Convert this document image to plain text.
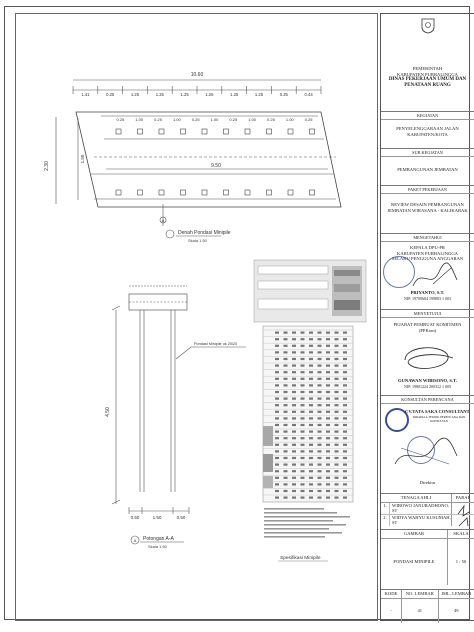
10.60
1.41	0.25	1.25	1.25	1.25	1.25	1.25	1.25	0.25	0.44
0.25	1.00	0.25	1.00	0.25	1.00	0.25	1.00	0.25	1.00	0.25
9.50
2.30
1.50
A
Denah Pondasi Minipile
Skala 1:50
Pondasi Minipile uk 20/20
4.50
0.50	1.50	0.50
A Potongan A-A
Skala 1:50
Spesifikasi Minipile
PEMERINTAH
KABUPATEN PURBALINGGA
DINAS PEKERJAAN UMUM DAN
PENATAAN RUANG
KEGIATAN
PENYELENGGARAAN JALAN KABUPATEN/KOTA
SUB KEGIATAN
PEMBANGUNAN JEMBATAN
PAKET PEKERJAAN
REVIEW DESAIN PEMBANGUNAN JEMBATAN WIRASANA - KALIKABAK
MENGETAHUI
KEPALA DPU-PR
KABUPATEN PURBALINGGA
SELAKU PENGGUNA ANGGARAN
PRIYANTO, S.T.
NIP. 19700604 199803 1 003
MENYETUJUI
PEJABAT PEMBUAT KOMITMEN
(PPKom)
GUNAWAN WIBISONO, S.T.
NIP. 19801224 200312 1 005
KONSULTAN PERENCANA
CV.TATA SAKA CONSULTANT
DIRAPALA TEKNIK PERENCANA DAN KONSULTAN
Direktur
TENAGA AHLI	PARAF
1.	WIBOWO JANURADHONO, ST
2.	WIDYA WAHYU KUSUMAH, ST
GAMBAR	SKALA
PONDASI MINIPILE	1 : 50
KODE	NO. LEMBAR	JML. LEMBAR
-	41	49
